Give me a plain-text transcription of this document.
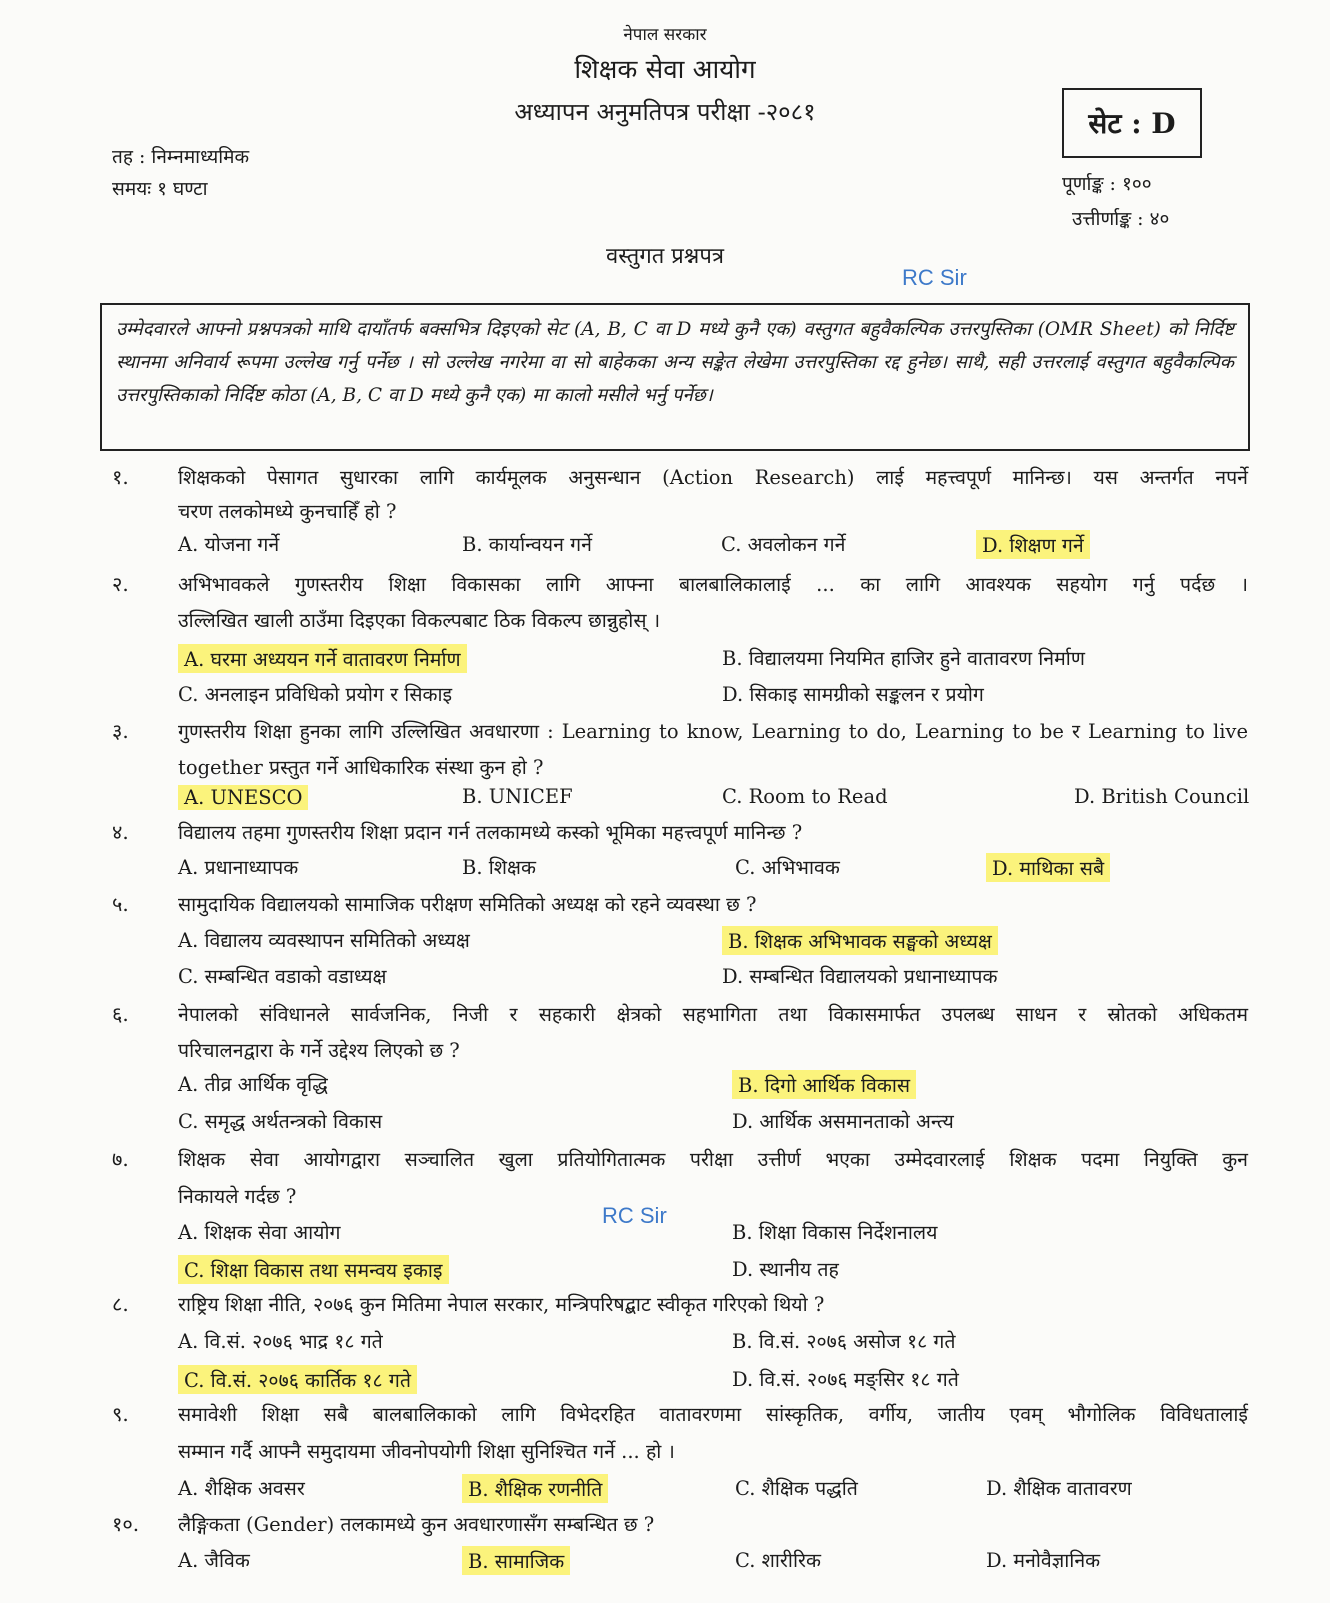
नेपाल सरकार
शिक्षक सेवा आयोग
अध्यापन अनुमतिपत्र परीक्षा -२०८१	सेट : D
तह : निम्नमाध्यमिक
समयः १ घण्टा	पूर्णाङ्क : १००
उत्तीर्णाङ्क : ४०
वस्तुगत प्रश्नपत्र
RC Sir
RC Sir
उम्मेदवारले आफ्नो प्रश्नपत्रको माथि दायाँतर्फ बक्सभित्र दिइएको सेट (A, B, C वा D मध्ये कुनै एक) वस्तुगत बहुवैकल्पिक उत्तरपुस्तिका (OMR Sheet) को निर्दिष्ट स्थानमा अनिवार्य रूपमा उल्लेख गर्नु पर्नेछ । सो उल्लेख नगरेमा वा सो बाहेकका अन्य सङ्केत लेखेमा उत्तरपुस्तिका रद्द हुनेछ। साथै, सही उत्तरलाई वस्तुगत बहुवैकल्पिक उत्तरपुस्तिकाको निर्दिष्ट कोठा (A, B, C वा D मध्ये कुनै एक) मा कालो मसीले भर्नु पर्नेछ।
१.	शिक्षकको पेसागत सुधारका लागि कार्यमूलक अनुसन्धान (Action Research) लाई महत्त्वपूर्ण मानिन्छ। यस अन्तर्गत नपर्ने
चरण तलकोमध्ये कुनचाहिँ हो ?
A. योजना गर्ने	B. कार्यान्वयन गर्ने	C. अवलोकन गर्ने	D. शिक्षण गर्ने
२.	अभिभावकले गुणस्तरीय शिक्षा विकासका लागि आफ्ना बालबालिकालाई ... का लागि आवश्यक सहयोग गर्नु पर्दछ ।
उल्लिखित खाली ठाउँमा दिइएका विकल्पबाट ठिक विकल्प छान्नुहोस् ।
A. घरमा अध्ययन गर्ने वातावरण निर्माण	B. विद्यालयमा नियमित हाजिर हुने वातावरण निर्माण
C. अनलाइन प्रविधिको प्रयोग र सिकाइ	D. सिकाइ सामग्रीको सङ्कलन र प्रयोग
३.	गुणस्तरीय शिक्षा हुनका लागि उल्लिखित अवधारणा : Learning to know, Learning to do, Learning to be र Learning to live
together प्रस्तुत गर्ने आधिकारिक संस्था कुन हो ?
A. UNESCO	B. UNICEF	C. Room to Read	D. British Council
४.	विद्यालय तहमा गुणस्तरीय शिक्षा प्रदान गर्न तलकामध्ये कस्को भूमिका महत्त्वपूर्ण मानिन्छ ?
A. प्रधानाध्यापक	B. शिक्षक	C. अभिभावक	D. माथिका सबै
५.	सामुदायिक विद्यालयको सामाजिक परीक्षण समितिको अध्यक्ष को रहने व्यवस्था छ ?
A. विद्यालय व्यवस्थापन समितिको अध्यक्ष	B. शिक्षक अभिभावक सङ्घको अध्यक्ष
C. सम्बन्धित वडाको वडाध्यक्ष	D. सम्बन्धित विद्यालयको प्रधानाध्यापक
६.	नेपालको संविधानले सार्वजनिक, निजी र सहकारी क्षेत्रको सहभागिता तथा विकासमार्फत उपलब्ध साधन र स्रोतको अधिकतम
परिचालनद्वारा के गर्ने उद्देश्य लिएको छ ?
A. तीव्र आर्थिक वृद्धि	B. दिगो आर्थिक विकास
C. समृद्ध अर्थतन्त्रको विकास	D. आर्थिक असमानताको अन्त्य
७.	शिक्षक सेवा आयोगद्वारा सञ्चालित खुला प्रतियोगितात्मक परीक्षा उत्तीर्ण भएका उम्मेदवारलाई शिक्षक पदमा नियुक्ति कुन
निकायले गर्दछ ?
A. शिक्षक सेवा आयोग	B. शिक्षा विकास निर्देशनालय
C. शिक्षा विकास तथा समन्वय इकाइ	D. स्थानीय तह
८.	राष्ट्रिय शिक्षा नीति, २०७६ कुन मितिमा नेपाल सरकार, मन्त्रिपरिषद्बाट स्वीकृत गरिएको थियो ?
A. वि.सं. २०७६ भाद्र १८ गते	B. वि.सं. २०७६ असोज १८ गते
C. वि.सं. २०७६ कार्तिक १८ गते	D. वि.सं. २०७६ मङ्सिर १८ गते
९.	समावेशी शिक्षा सबै बालबालिकाको लागि विभेदरहित वातावरणमा सांस्कृतिक, वर्गीय, जातीय एवम् भौगोलिक विविधतालाई
सम्मान गर्दै आफ्नै समुदायमा जीवनोपयोगी शिक्षा सुनिश्चित गर्ने ... हो ।
A. शैक्षिक अवसर	B. शैक्षिक रणनीति	C. शैक्षिक पद्धति	D. शैक्षिक वातावरण
१०. लैङ्गिकता (Gender) तलकामध्ये कुन अवधारणासँग सम्बन्धित छ ?
A. जैविक	B. सामाजिक	C. शारीरिक	D. मनोवैज्ञानिक
